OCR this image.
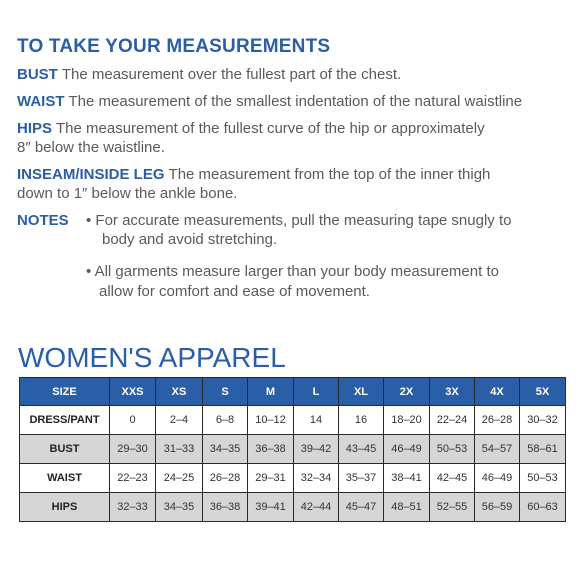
TO TAKE YOUR MEASUREMENTS

BUST The measurement over the fullest part of the chest.

WAIST The measurement of the smallest indentation of the natural waistline

HIPS The measurement of the fullest curve of the hip or approximately

8″ below the waistline.

INSEAM/INSIDE LEG The measurement from the top of the inner thigh

down to 1″ below the ankle bone.
NOTES • For accurate measurements, pull the measuring tape snugly to
body and avoid stretching.
• All garments measure larger than your body measurement to
allow for comfort and ease of movement.
WOMEN'S APPAREL
SIZE	XXS	XS	S	M	L	XL	2X	3X	4X	5X
DRESS/PANT	0	2–4	6–8	10–12	14	16	18–20	22–24	26–28	30–32
BUST	29–30	31–33	34–35	36–38	39–42	43–45	46–49	50–53	54–57	58–61
WAIST	22–23	24–25	26–28	29–31	32–34	35–37	38–41	42–45	46–49	50–53
HIPS	32–33	34–35	36–38	39–41	42–44	45–47	48–51	52–55	56–59	60–63
